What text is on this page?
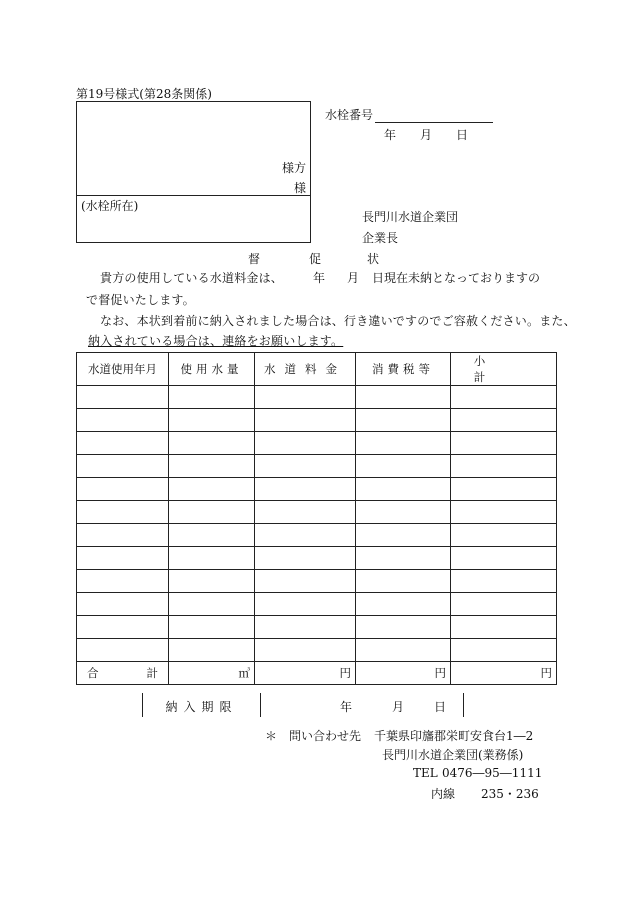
第19号様式(第28条関係)
様方
様
(水栓所在)
水栓番号
年 月 日
長門川水道企業団
企業長
督	促	状
貴方の使用している水道料金は、 年 月 日現在未納となっておりますの
で督促いたします。
なお、本状到着前に納入されました場合は、行き違いですのでご容赦ください。また、
納入されている場合は、連絡をお願いします。
水道使用年月	使用水量	水道料金	消費税等	小計

合計	㎥	円	円	円
納入期限	年	月 日
＊ 問い合わせ先 千葉県印旛郡栄町安食台1―2
長門川水道企業団(業務係)
TEL 0476―95―1111
内線 235・236
